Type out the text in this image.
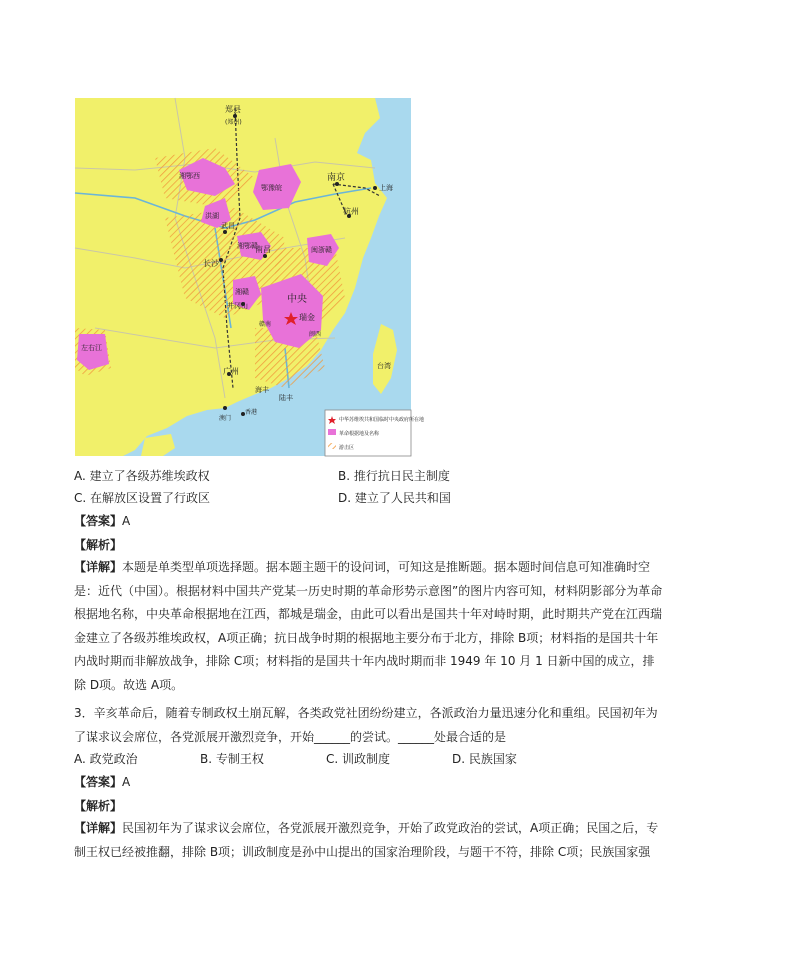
郑县
(郑州)
南京
上海
杭州
武昌
长沙
南昌
井冈山
瑞金
广州
香港
澳门
海丰
陆丰
鄂豫皖
湘鄂西
洪湖
湘鄂赣	闽浙赣
湘赣
中央
闽西
赣南
左右江
台湾
中华苏维埃共和国临时中央政府所在地
革命根据地及名称
游击区
A. 建立了各级苏维埃政权	B. 推行抗日民主制度
C. 在解放区设置了行政区	D. 建立了人民共和国
【答案】A
【解析】
【详解】本题是单类型单项选择题。据本题主题干的设问词，可知这是推断题。据本题时间信息可知准确时空是：近代（中国）。根据材料中国共产党某一历史时期的革命形势示意图”的图片内容可知，材料阴影部分为革命根据地名称，中央革命根据地在江西，都城是瑞金，由此可以看出是国共十年对峙时期，此时期共产党在江西瑞金建立了各级苏维埃政权，A项正确；抗日战争时期的根据地主要分布于北方，排除 B项；材料指的是国共十年内战时期而非解放战争，排除 C项；材料指的是国共十年内战时期而非 1949 年 10 月 1 日新中国的成立，排除 D项。故选 A项。
3．辛亥革命后，随着专制政权土崩瓦解，各类政党社团纷纷建立，各派政治力量迅速分化和重组。民国初年为了谋求议会席位，各党派展开激烈竞争，开始______的尝试。______处最合适的是
A. 政党政治	B. 专制王权	C. 训政制度	D. 民族国家
【答案】A
【解析】
【详解】民国初年为了谋求议会席位，各党派展开激烈竞争，开始了政党政治的尝试，A项正确；民国之后，专制王权已经被推翻，排除 B项；训政制度是孙中山提出的国家治理阶段，与题干不符，排除 C项；民族国家强
